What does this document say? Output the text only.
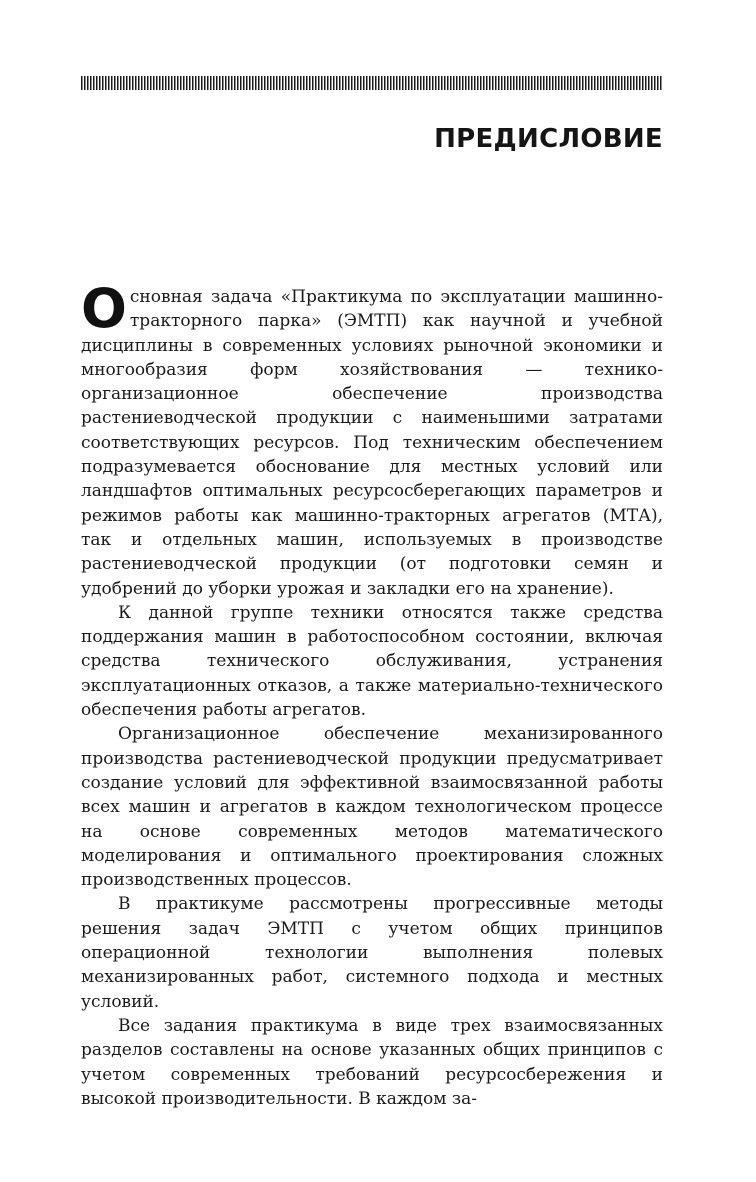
ПРЕДИСЛОВИЕ

Основная задача «Практикума по эксплуатации машинно-тракторного парка» (ЭМТП) как научной и учебной дисциплины в современных условиях рыночной экономики и многообразия форм хозяйствования — технико-организационное обеспечение производства растениеводческой продукции с наименьшими затратами соответствующих ресурсов. Под техническим обеспечением подразумевается обоснование для местных условий или ландшафтов оптимальных ресурсосберегающих параметров и режимов работы как машинно-тракторных агрегатов (МТА), так и отдельных машин, используемых в производстве растениеводческой продукции (от подготовки семян и удобрений до уборки урожая и закладки его на хранение).

К данной группе техники относятся также средства поддержания машин в работоспособном состоянии, включая средства технического обслуживания, устранения эксплуатационных отказов, а также материально-технического обеспечения работы агрегатов.

Организационное обеспечение механизированного производства растениеводческой продукции предусматривает создание условий для эффективной взаимосвязанной работы всех машин и агрегатов в каждом технологическом процессе на основе современных методов математического моделирования и оптимального проектирования сложных производственных процессов.

В практикуме рассмотрены прогрессивные методы решения задач ЭМТП с учетом общих принципов операционной технологии выполнения полевых механизированных работ, системного подхода и местных условий.

Все задания практикума в виде трех взаимосвязанных разделов составлены на основе указанных общих принципов с учетом современных требований ресурсосбережения и высокой производительности. В каждом за-
